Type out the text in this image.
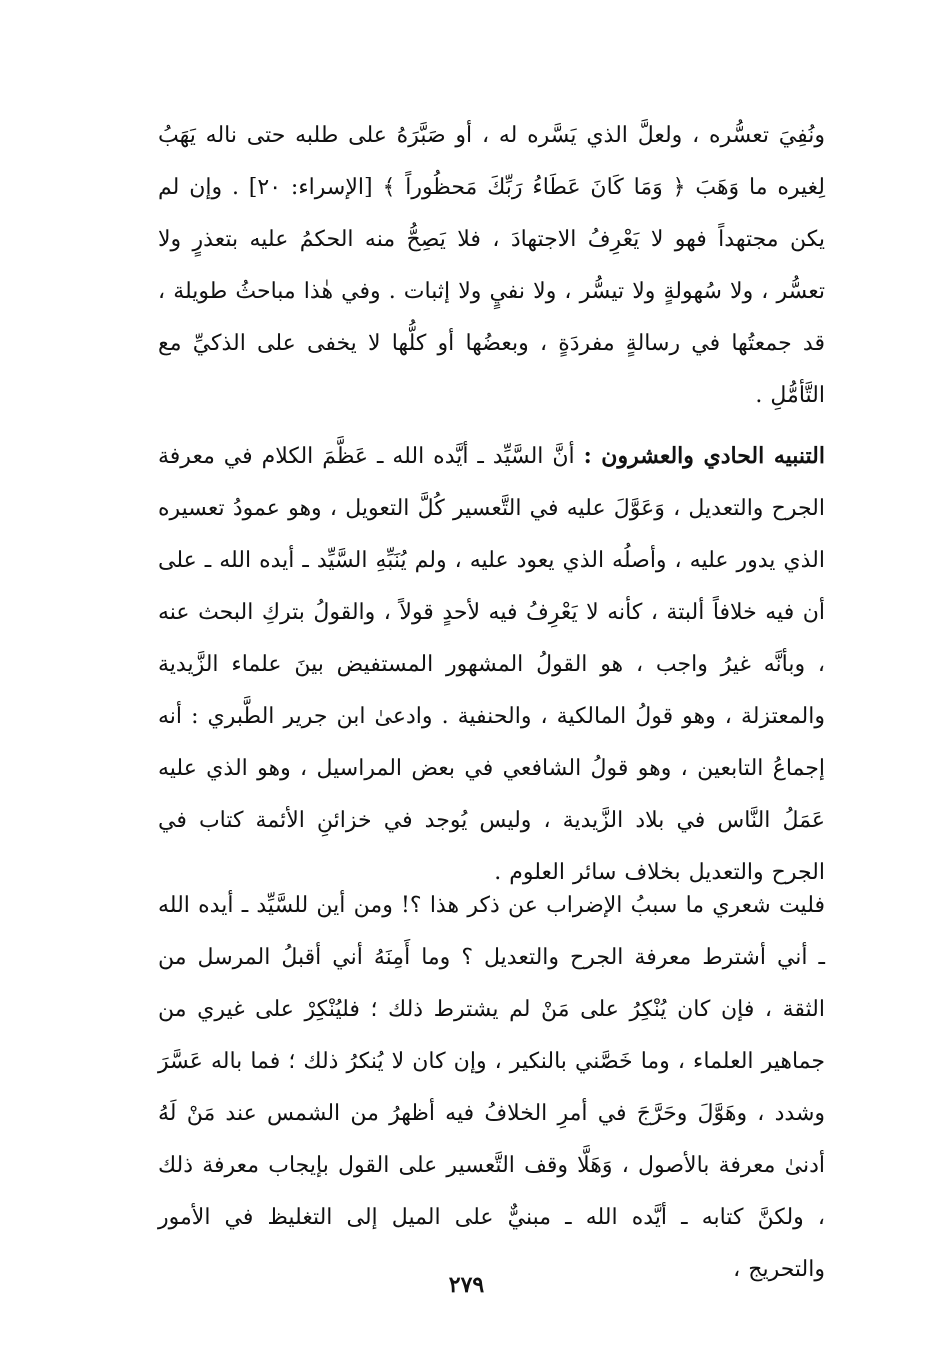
ونُفِيَ تعسُّره ، ولعلَّ الذي يَسَّره له ، أو صَبَّرَهُ على طلبه حتى ناله يَهَبُ لِغيره ما وَهَبَ ﴿ وَمَا كَانَ عَطَاءُ رَبِّكَ مَحظُوراً ﴾ [الإسراء: ٢٠] . وإن لم يكن مجتهداً فهو لا يَعْرِفُ الاجتهادَ ، فلا يَصِحُّ منه الحكمُ عليه بتعذرٍ ولا تعسُّر ، ولا سُهولةٍ ولا تيسُّر ، ولا نفيٍ ولا إثبات . وفي هٰذا مباحثُ طويلة ، قد جمعتُها في رسالةٍ مفردَةٍ ، وبعضُها أو كلُّها لا يخفى على الذكيِّ مع التَّأمُّلِ .

التنبيه الحادي والعشرون : أنَّ السَّيِّد ـ أيَّده الله ـ عَظَّمَ الكلام في معرفة الجرح والتعديل ، وَعَوَّلَ عليه في التَّعسير كُلَّ التعويل ، وهو عمودُ تعسيره الذي يدور عليه ، وأصلُه الذي يعود عليه ، ولم يُنَبِّهِ السَّيِّد ـ أيده الله ـ على أن فيه خلافاً ألبتة ، كأنه لا يَعْرِفُ فيه لأحدٍ قولاً ، والقولُ بتركِ البحث عنه ، وبأنَّه غيرُ واجب ، هو القولُ المشهور المستفيض بينَ علماء الزَّيدية والمعتزلة ، وهو قولُ المالكية ، والحنفية . وادعىٰ ابن جرير الطَّبري : أنه إجماعُ التابعين ، وهو قولُ الشافعي في بعض المراسيل ، وهو الذي عليه عَمَلُ النَّاس في بلاد الزَّيدية ، وليس يُوجد في خزائنِ الأئمة كتاب في الجرح والتعديل بخلاف سائر العلوم .

فليت شعري ما سببُ الإضراب عن ذكر هذا ؟! ومن أين للسَّيِّد ـ أيده الله ـ أني أشترط معرفة الجرح والتعديل ؟ وما أَمِنَهُ أني أقبلُ المرسل من الثقة ، فإن كان يُنْكِرُ على مَنْ لم يشترط ذلك ؛ فليُنْكِرْ على غيري من جماهير العلماء ، وما خَصَّني بالنكير ، وإن كان لا يُنكرُ ذلك ؛ فما باله عَسَّرَ وشدد ، وهَوَّلَ وحَرَّجَ في أمرِ الخلافُ فيه أظهرُ من الشمس عند مَنْ لَهُ أدنىٰ معرفة بالأصول ، وَهَلَّا وقف التَّعسير على القول بإيجاب معرفة ذلك ، ولكنَّ كتابه ـ أيَّده الله ـ مبنيٌّ على الميل إلى التغليظ في الأمور والتحريج ،

٢٧٩
